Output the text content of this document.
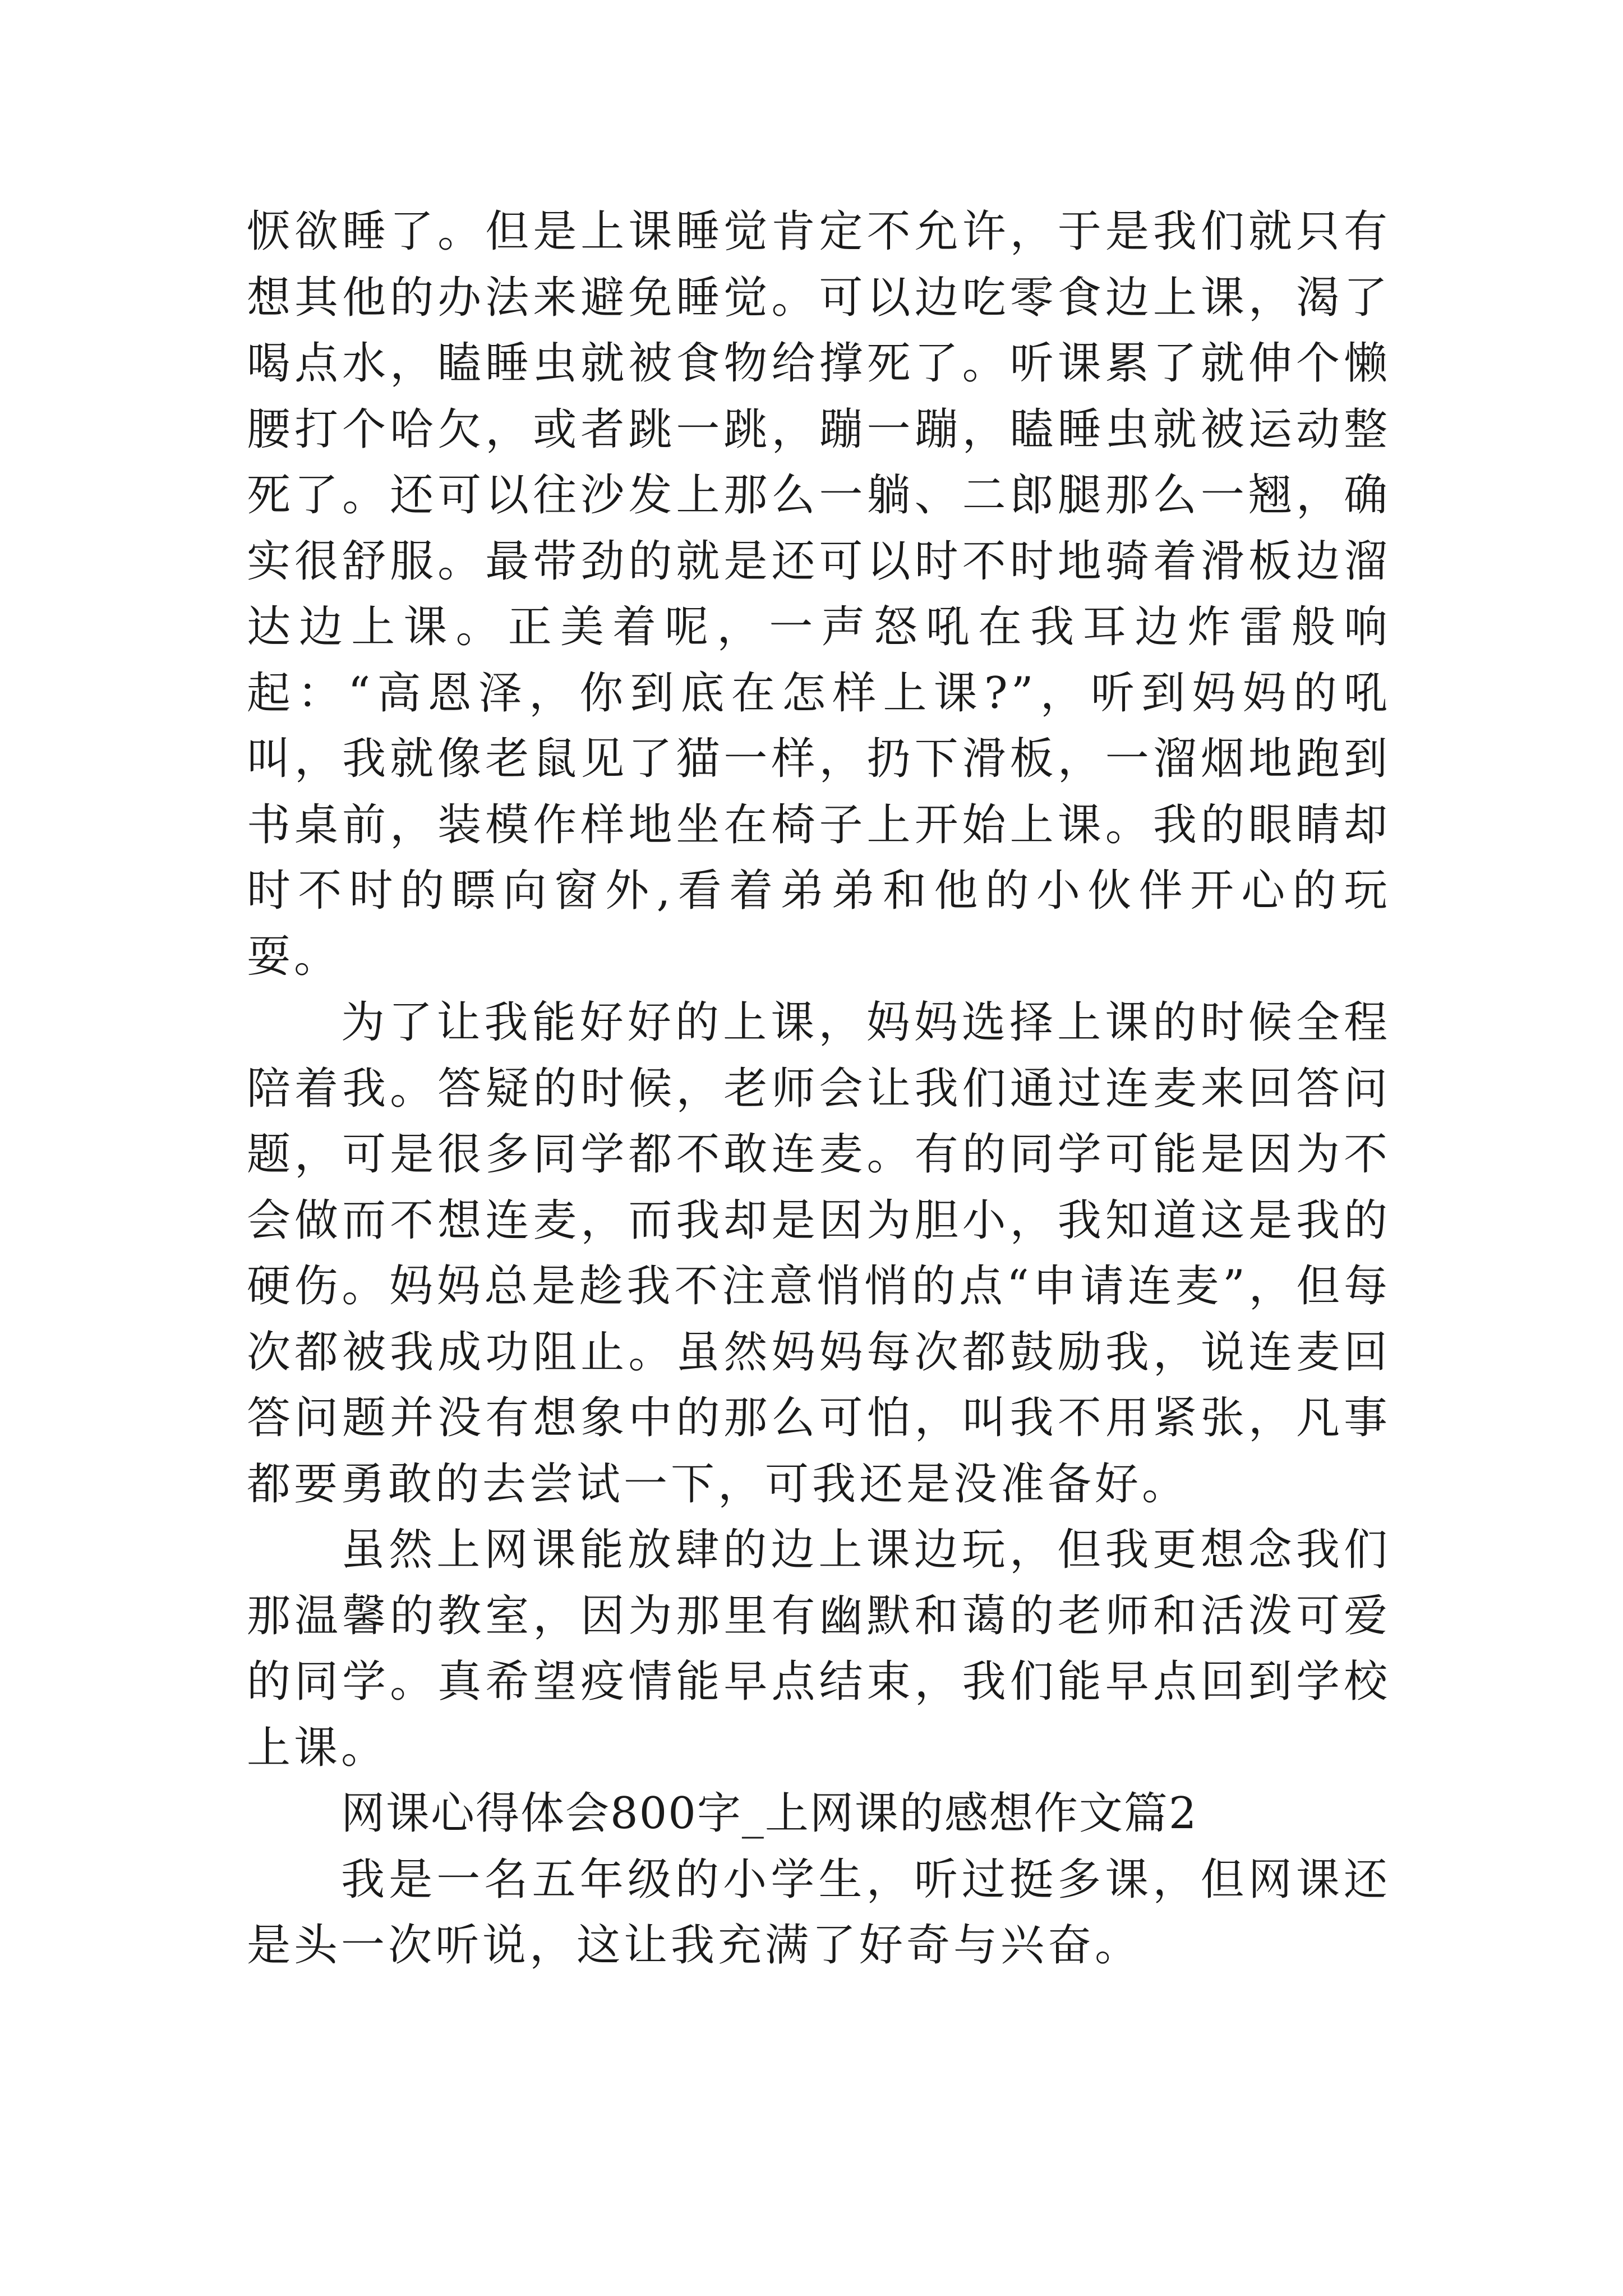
恹欲睡了。但是上课睡觉肯定不允许，于是我们就只有想其他的办法来避免睡觉。可以边吃零食边上课，渴了喝点水，瞌睡虫就被食物给撑死了。听课累了就伸个懒腰打个哈欠，或者跳一跳，蹦一蹦，瞌睡虫就被运动整死了。还可以往沙发上那么一躺、二郎腿那么一翘，确实很舒服。最带劲的就是还可以时不时地骑着滑板边溜达边上课。正美着呢，一声怒吼在我耳边炸雷般响起：“高恩泽，你到底在怎样上课?”，听到妈妈的吼叫，我就像老鼠见了猫一样，扔下滑板，一溜烟地跑到书桌前，装模作样地坐在椅子上开始上课。我的眼睛却时不时的瞟向窗外,看着弟弟和他的小伙伴开心的玩耍。

为了让我能好好的上课，妈妈选择上课的时候全程陪着我。答疑的时候，老师会让我们通过连麦来回答问题，可是很多同学都不敢连麦。有的同学可能是因为不会做而不想连麦，而我却是因为胆小，我知道这是我的硬伤。妈妈总是趁我不注意悄悄的点“申请连麦”，但每次都被我成功阻止。虽然妈妈每次都鼓励我，说连麦回答问题并没有想象中的那么可怕，叫我不用紧张，凡事都要勇敢的去尝试一下，可我还是没准备好。

虽然上网课能放肆的边上课边玩，但我更想念我们那温馨的教室，因为那里有幽默和蔼的老师和活泼可爱的同学。真希望疫情能早点结束，我们能早点回到学校上课。

网课心得体会800字_上网课的感想作文篇2

我是一名五年级的小学生，听过挺多课，但网课还是头一次听说，这让我充满了好奇与兴奋。
